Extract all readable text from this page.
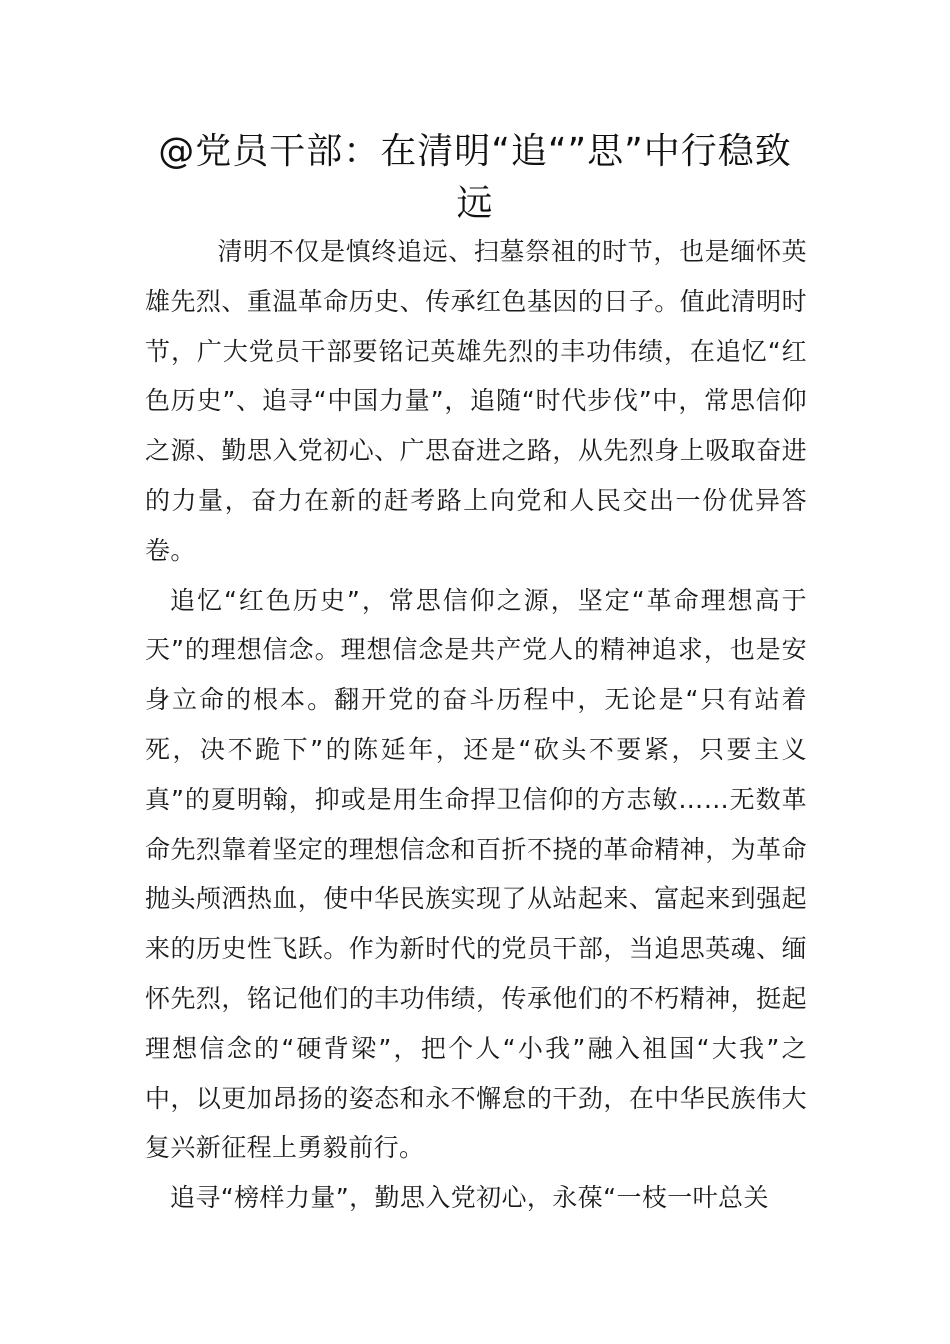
@党员干部：在清明“追“”思”中行稳致远

清明不仅是慎终追远、扫墓祭祖的时节，也是缅怀英雄先烈、重温革命历史、传承红色基因的日子。值此清明时节，广大党员干部要铭记英雄先烈的丰功伟绩，在追忆“红色历史”、追寻“中国力量”，追随“时代步伐”中，常思信仰之源、勤思入党初心、广思奋进之路，从先烈身上吸取奋进的力量，奋力在新的赶考路上向党和人民交出一份优异答卷。

追忆“红色历史”，常思信仰之源，坚定“革命理想高于天”的理想信念。理想信念是共产党人的精神追求，也是安身立命的根本。翻开党的奋斗历程中，无论是“只有站着死，决不跪下”的陈延年，还是“砍头不要紧，只要主义真”的夏明翰，抑或是用生命捍卫信仰的方志敏……无数革命先烈靠着坚定的理想信念和百折不挠的革命精神，为革命抛头颅洒热血，使中华民族实现了从站起来、富起来到强起来的历史性飞跃。作为新时代的党员干部，当追思英魂、缅怀先烈，铭记他们的丰功伟绩，传承他们的不朽精神，挺起理想信念的“硬背梁”，把个人“小我”融入祖国“大我”之中，以更加昂扬的姿态和永不懈怠的干劲，在中华民族伟大复兴新征程上勇毅前行。

追寻“榜样力量”，勤思入党初心，永葆“一枝一叶总关
